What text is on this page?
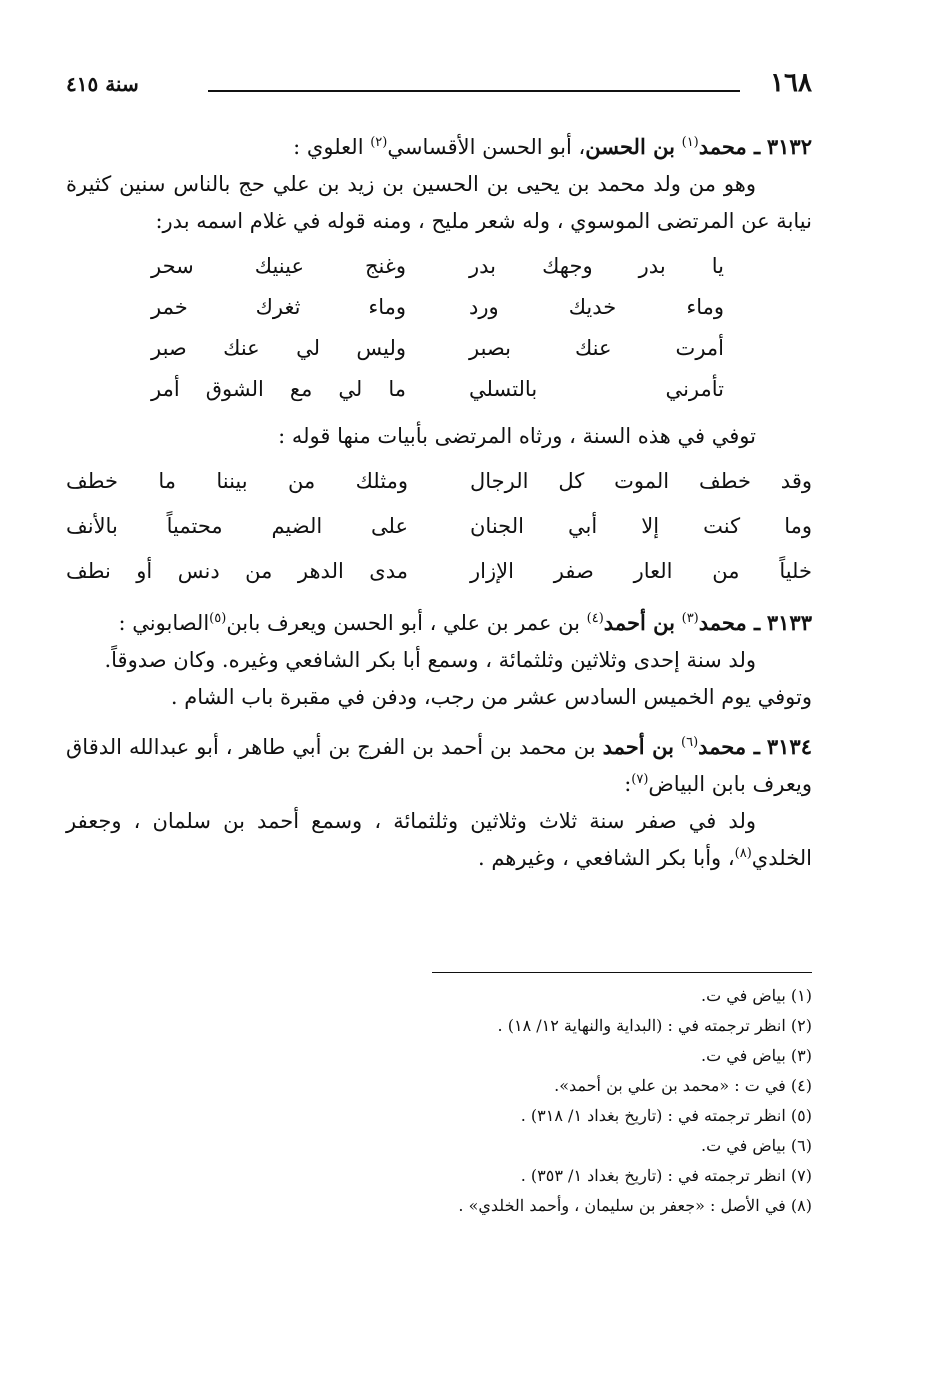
١٦٨
سنة ٤١٥

٣١٣٢ ـ محمد$^{(١)}$ بن الحسن، أبو الحسن الأقساسي$^{(٢)}$ العلوي :

وهو من ولد محمد بن يحيى بن الحسين بن زيد بن علي حج بالناس سنين كثيرة نيابة عن المرتضى الموسوي ، وله شعر مليح ، ومنه قوله في غلام اسمه بدر:

يا بدر وجهك بدر
وغنج عينيك سحر
وماء خديك ورد
وماء ثغرك خمر
أمرت عنك بصبر
وليس لي عنك صبر
تأمرني بالتسلي
ما لي مع الشوق أمر

توفي في هذه السنة ، ورثاه المرتضى بأبيات منها قوله :

وقد خطف الموت كل الرجال
ومثلك من بيننا ما خطف
وما كنت إلا أبي الجنان
على الضيم محتمياً بالأنف
خلياً من العار صفر الإزار
مدى الدهر من دنس أو نطف

٣١٣٣ ـ محمد$^{(٣)}$ بن أحمد$^{(٤)}$ بن عمر بن علي ، أبو الحسن ويعرف بابن$^{(٥)}$الصابوني :

ولد سنة إحدى وثلاثين وثلثمائة ، وسمع أبا بكر الشافعي وغيره. وكان صدوقاً.

وتوفي يوم الخميس السادس عشر من رجب، ودفن في مقبرة باب الشام .

٣١٣٤ ـ محمد$^{(٦)}$ بن أحمد بن محمد بن أحمد بن الفرج بن أبي طاهر ، أبو عبدالله الدقاق ويعرف بابن البياض$^{(٧)}$:

ولد في صفر سنة ثلاث وثلاثين وثلثمائة ، وسمع أحمد بن سلمان ، وجعفر الخلدي$^{(٨)}$، وأبا بكر الشافعي ، وغيرهم .

(١) بياض في ت.

(٢) انظر ترجمته في : (البداية والنهاية ١٢/ ١٨) .

(٣) بياض في ت.

(٤) في ت : «محمد بن علي بن أحمد».

(٥) انظر ترجمته في : (تاريخ بغداد ١/ ٣١٨) .

(٦) بياض في ت.

(٧) انظر ترجمته في : (تاريخ بغداد ١/ ٣٥٣) .

(٨) في الأصل : «جعفر بن سليمان ، وأحمد الخلدي» .
